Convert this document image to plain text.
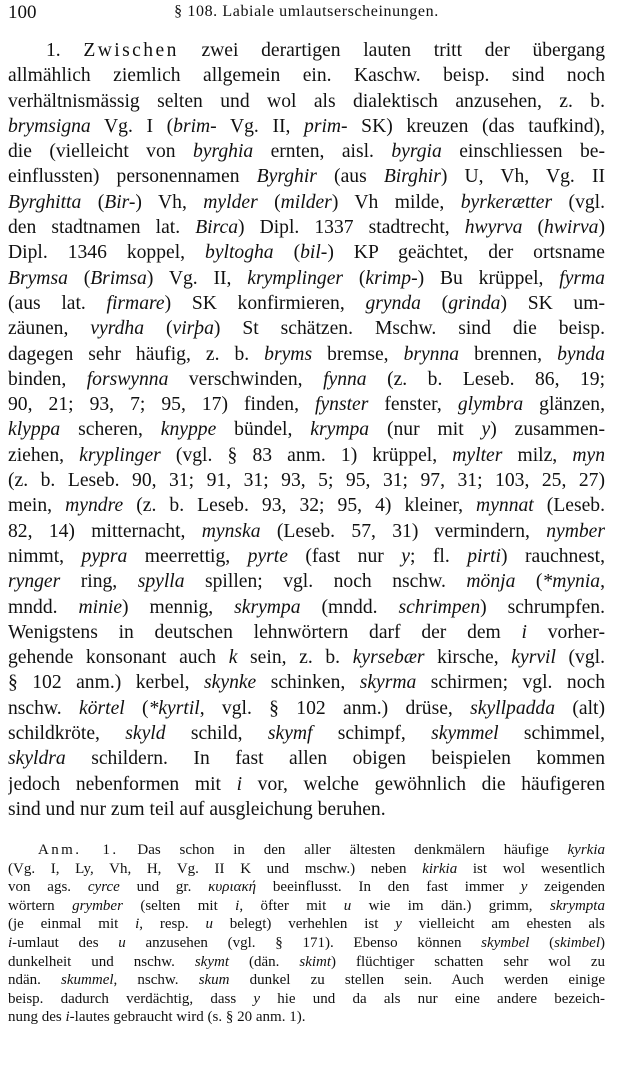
100	§ 108. Labiale umlautserscheinungen.
1. Zwischen zwei derartigen lauten tritt der übergang
allmählich ziemlich allgemein ein. Kaschw. beisp. sind noch
verhältnismässig selten und wol als dialektisch anzusehen, z. b.
brymsigna Vg. I (brim- Vg. II, prim- SK) kreuzen (das taufkind),
die (vielleicht von byrghia ernten, aisl. byrgia einschliessen be-
einflussten) personennamen Byrghir (aus Birghir) U, Vh, Vg. II
Byrghitta (Bir-) Vh, mylder (milder) Vh milde, byrkerætter (vgl.
den stadtnamen lat. Birca) Dipl. 1337 stadtrecht, hwyrva (hwirva)
Dipl. 1346 koppel, byltogha (bil-) KP geächtet, der ortsname
Brymsa (Brimsa) Vg. II, krymplinger (krimp-) Bu krüppel, fyrma
(aus lat. firmare) SK konfirmieren, grynda (grinda) SK um-
zäunen, vyrdha (virþa) St schätzen. Mschw. sind die beisp.
dagegen sehr häufig, z. b. bryms bremse, brynna brennen, bynda
binden, forswynna verschwinden, fynna (z. b. Leseb. 86, 19;
90, 21; 93, 7; 95, 17) finden, fynster fenster, glymbra glänzen,
klyppa scheren, knyppe bündel, krympa (nur mit y) zusammen-
ziehen, kryplinger (vgl. § 83 anm. 1) krüppel, mylter milz, myn
(z. b. Leseb. 90, 31; 91, 31; 93, 5; 95, 31; 97, 31; 103, 25, 27)
mein, myndre (z. b. Leseb. 93, 32; 95, 4) kleiner, mynnat (Leseb.
82, 14) mitternacht, mynska (Leseb. 57, 31) vermindern, nymber
nimmt, pypra meerrettig, pyrte (fast nur y; fl. pirti) rauchnest,
rynger ring, spylla spillen; vgl. noch nschw. mönja (*mynia,
mndd. minie) mennig, skrympa (mndd. schrimpen) schrumpfen.
Wenigstens in deutschen lehnwörtern darf der dem i vorher-
gehende konsonant auch k sein, z. b. kyrsebær kirsche, kyrvil (vgl.
§ 102 anm.) kerbel, skynke schinken, skyrma schirmen; vgl. noch
nschw. körtel (*kyrtil, vgl. § 102 anm.) drüse, skyllpadda (alt)
schildkröte, skyld schild, skymf schimpf, skymmel schimmel,
skyldra schildern. In fast allen obigen beispielen kommen
jedoch nebenformen mit i vor, welche gewöhnlich die häufigeren
sind und nur zum teil auf ausgleichung beruhen.
Anm. 1. Das schon in den aller ältesten denkmälern häufige kyrkia
(Vg. I, Ly, Vh, H, Vg. II K und mschw.) neben kirkia ist wol wesentlich
von ags. cyrce und gr. κυριακή beeinflusst. In den fast immer y zeigenden
wörtern grymber (selten mit i, öfter mit u wie im dän.) grimm, skrympta
(je einmal mit i, resp. u belegt) verhehlen ist y vielleicht am ehesten als
i-umlaut des u anzusehen (vgl. § 171). Ebenso können skymbel (skimbel)
dunkelheit und nschw. skymt (dän. skimt) flüchtiger schatten sehr wol zu
ndän. skummel, nschw. skum dunkel zu stellen sein. Auch werden einige
beisp. dadurch verdächtig, dass y hie und da als nur eine andere bezeich-
nung des i-lautes gebraucht wird (s. § 20 anm. 1).
